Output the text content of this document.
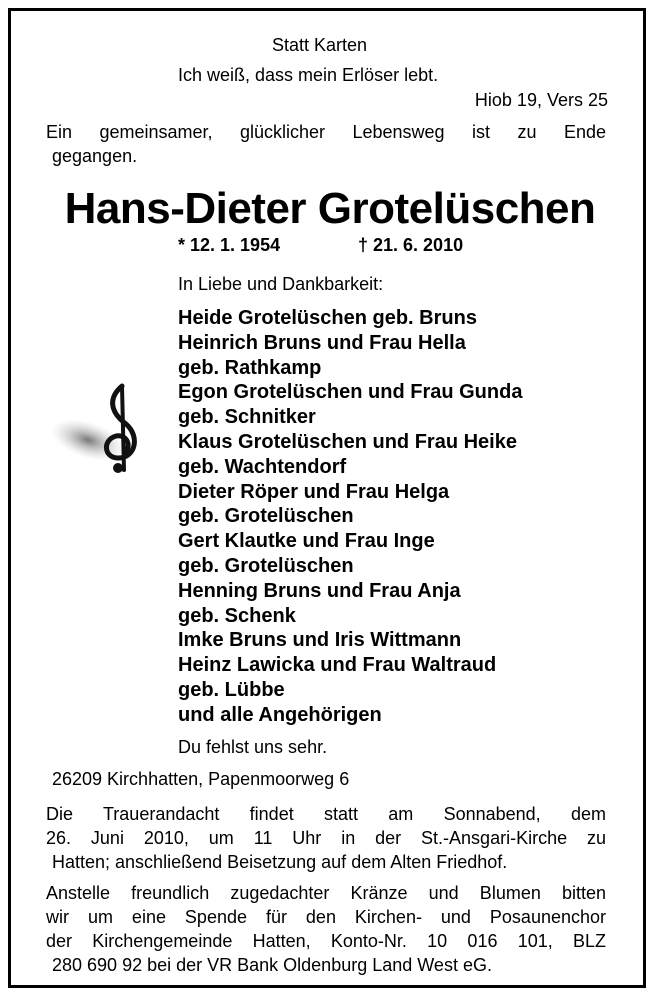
Statt Karten
Ich weiß, dass mein Erlöser lebt.
Hiob 19, Vers 25
Ein gemeinsamer, glücklicher Lebensweg ist zu Ende
gegangen.
Hans-Dieter Grotelüschen
* 12. 1. 1954	† 21. 6. 2010
In Liebe und Dankbarkeit:
Heide Grotelüschen geb. Bruns
Heinrich Bruns und Frau Hella
geb. Rathkamp
Egon Grotelüschen und Frau Gunda
geb. Schnitker
Klaus Grotelüschen und Frau Heike
geb. Wachtendorf
Dieter Röper und Frau Helga
geb. Grotelüschen
Gert Klautke und Frau Inge
geb. Grotelüschen
Henning Bruns und Frau Anja
geb. Schenk
Imke Bruns und Iris Wittmann
Heinz Lawicka und Frau Waltraud
geb. Lübbe
und alle Angehörigen
Du fehlst uns sehr.
26209 Kirchhatten, Papenmoorweg 6
Die Trauerandacht findet statt am Sonnabend, dem
26. Juni 2010, um 11 Uhr in der St.-Ansgari-Kirche zu
Hatten; anschließend Beisetzung auf dem Alten Friedhof.
Anstelle freundlich zugedachter Kränze und Blumen bitten
wir um eine Spende für den Kirchen- und Posaunenchor
der Kirchengemeinde Hatten, Konto-Nr. 10 016 101, BLZ
280 690 92 bei der VR Bank Oldenburg Land West eG.
